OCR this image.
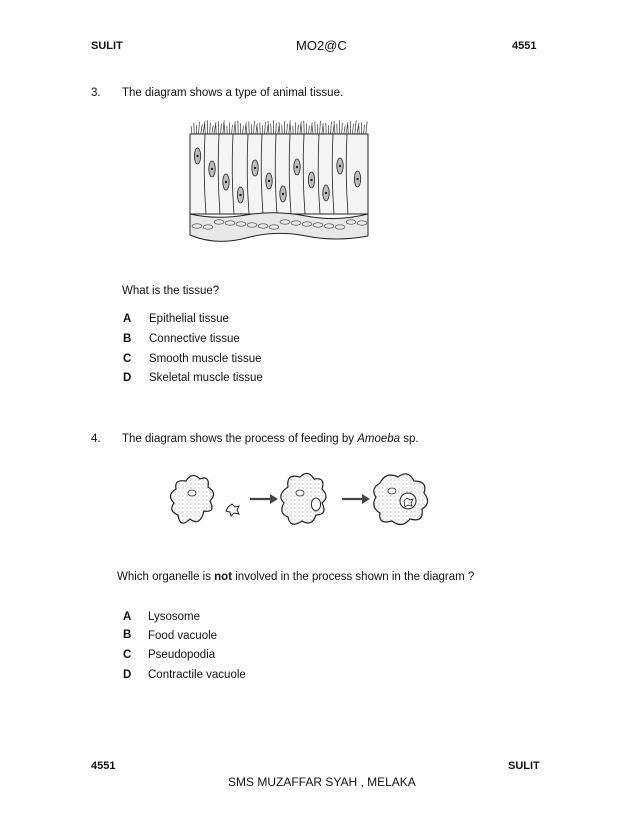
SULIT	MO2@C	4551
3. The diagram shows a type of animal tissue.
What is the tissue?
A Epithelial tissue
B Connective tissue
C Smooth muscle tissue
D Skeletal muscle tissue
4. The diagram shows the process of feeding by Amoeba sp.
Which organelle is not involved in the process shown in the diagram ?
A Lysosome
B Food vacuole
C Pseudopodia
D Contractile vacuole
4551	SULIT
SMS MUZAFFAR SYAH , MELAKA
